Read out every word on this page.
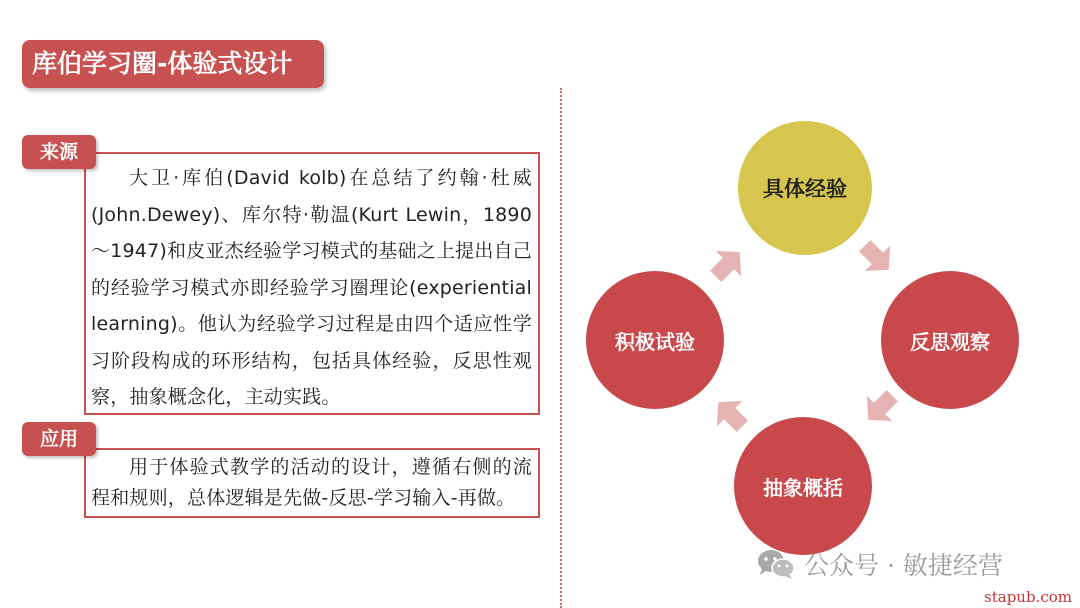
库伯学习圈-体验式设计

大卫·库伯(David kolb)在总结了约翰·杜威(John.Dewey)、库尔特·勒温(Kurt Lewin，1890～1947)和皮亚杰经验学习模式的基础之上提出自己的经验学习模式亦即经验学习圈理论(experiential learning)。他认为经验学习过程是由四个适应性学习阶段构成的环形结构，包括具体经验，反思性观察，抽象概念化，主动实践。

来源

用于体验式教学的活动的设计，遵循右侧的流程和规则，总体逻辑是先做-反思-学习输入-再做。

应用
具体经验
反思观察
抽象概括
积极试验
公众号 · 敏捷经营
stapub.com
